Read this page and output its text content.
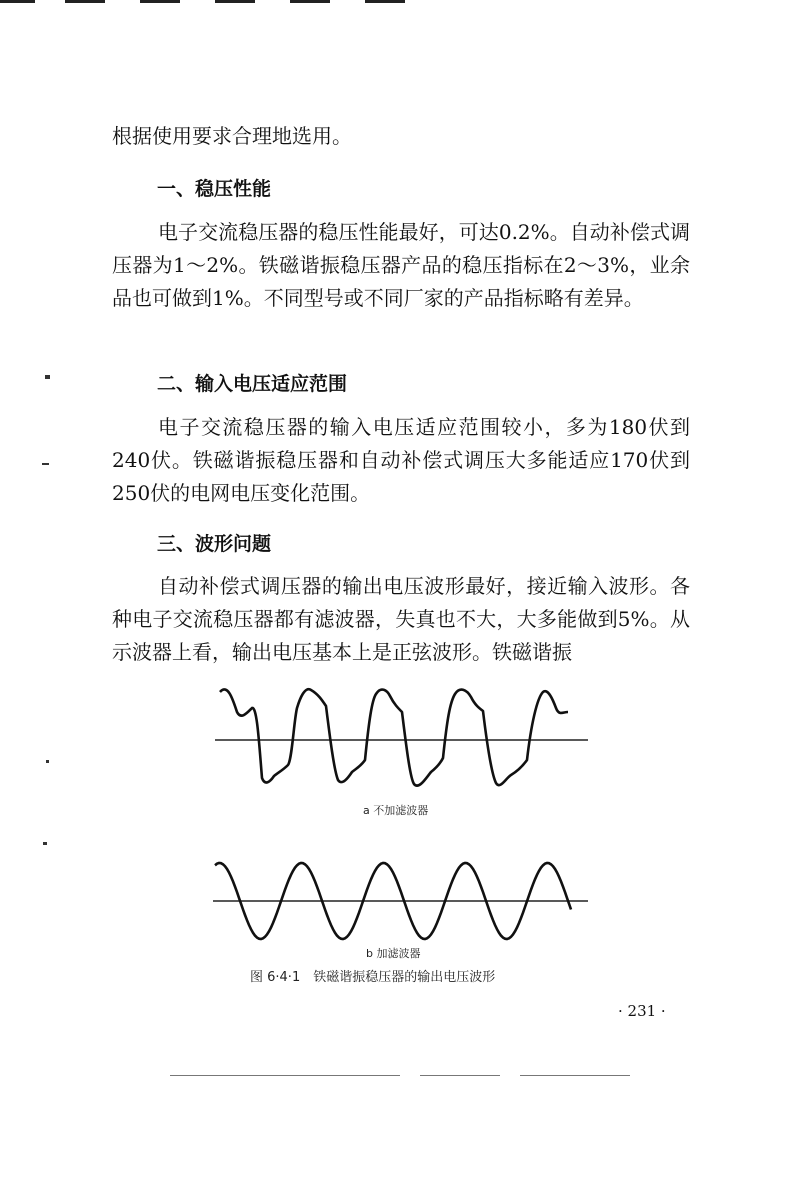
根据使用要求合理地选用。

一、稳压性能

电子交流稳压器的稳压性能最好，可达0.2%。自动补偿式调压器为1～2%。铁磁谐振稳压器产品的稳压指标在2～3%，业余品也可做到1%。不同型号或不同厂家的产品指标略有差异。

二、输入电压适应范围

电子交流稳压器的输入电压适应范围较小，多为180伏到240伏。铁磁谐振稳压器和自动补偿式调压大多能适应170伏到250伏的电网电压变化范围。

三、波形问题

自动补偿式调压器的输出电压波形最好，接近输入波形。各种电子交流稳压器都有滤波器，失真也不大，大多能做到5%。从示波器上看，输出电压基本上是正弦波形。铁磁谐振

a 不加滤波器
b 加滤波器
图 6·4·1　铁磁谐振稳压器的输出电压波形
· 231 ·
